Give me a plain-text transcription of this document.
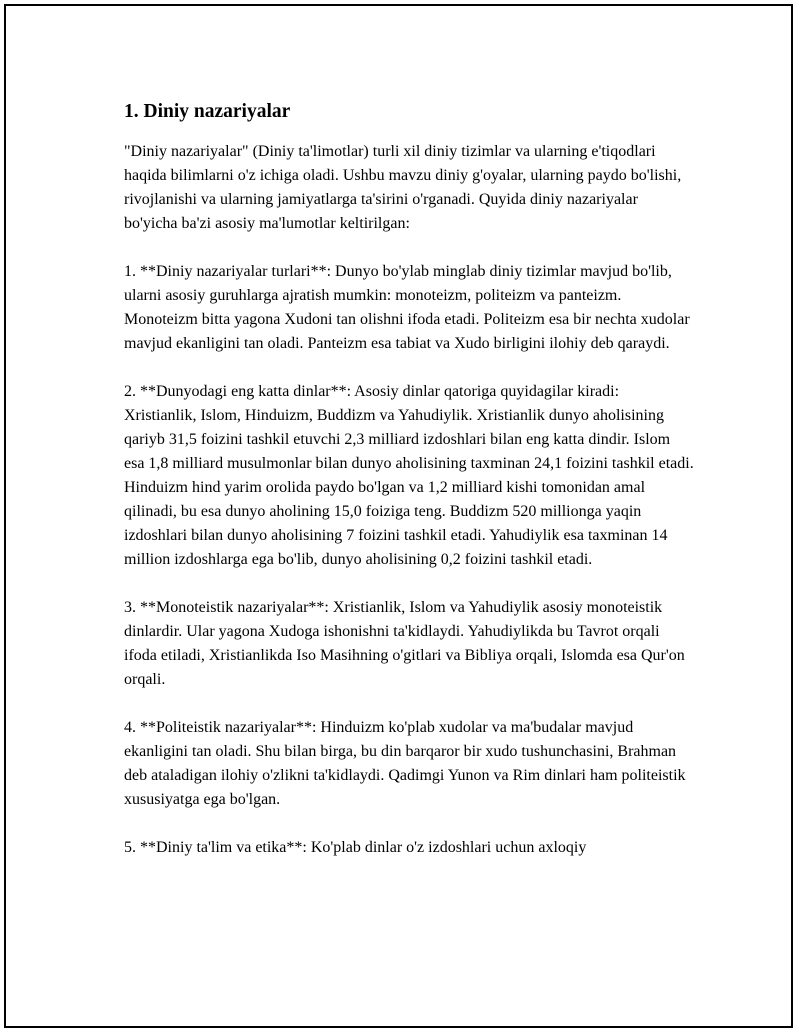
1. Diniy nazariyalar

"Diniy nazariyalar" (Diniy ta'limotlar) turli xil diniy tizimlar va ularning e'tiqodlari haqida bilimlarni o'z ichiga oladi. Ushbu mavzu diniy g'oyalar, ularning paydo bo'lishi, rivojlanishi va ularning jamiyatlarga ta'sirini o'rganadi. Quyida diniy nazariyalar bo'yicha ba'zi asosiy ma'lumotlar keltirilgan:

1. **Diniy nazariyalar turlari**: Dunyo bo'ylab minglab diniy tizimlar mavjud bo'lib, ularni asosiy guruhlarga ajratish mumkin: monoteizm, politeizm va panteizm. Monoteizm bitta yagona Xudoni tan olishni ifoda etadi. Politeizm esa bir nechta xudolar mavjud ekanligini tan oladi. Panteizm esa tabiat va Xudo birligini ilohiy deb qaraydi.

2. **Dunyodagi eng katta dinlar**: Asosiy dinlar qatoriga quyidagilar kiradi: Xristianlik, Islom, Hinduizm, Buddizm va Yahudiylik. Xristianlik dunyo aholisining qariyb 31,5 foizini tashkil etuvchi 2,3 milliard izdoshlari bilan eng katta dindir. Islom esa 1,8 milliard musulmonlar bilan dunyo aholisining taxminan 24,1 foizini tashkil etadi. Hinduizm hind yarim orolida paydo bo'lgan va 1,2 milliard kishi tomonidan amal qilinadi, bu esa dunyo aholining 15,0 foiziga teng. Buddizm 520 millionga yaqin izdoshlari bilan dunyo aholisining 7 foizini tashkil etadi. Yahudiylik esa taxminan 14 million izdoshlarga ega bo'lib, dunyo aholisining 0,2 foizini tashkil etadi.

3. **Monoteistik nazariyalar**: Xristianlik, Islom va Yahudiylik asosiy monoteistik dinlardir. Ular yagona Xudoga ishonishni ta'kidlaydi. Yahudiylikda bu Tavrot orqali ifoda etiladi, Xristianlikda Iso Masihning o'gitlari va Bibliya orqali, Islomda esa Qur'on orqali.

4. **Politeistik nazariyalar**: Hinduizm ko'plab xudolar va ma'budalar mavjud ekanligini tan oladi. Shu bilan birga, bu din barqaror bir xudo tushunchasini, Brahman deb ataladigan ilohiy o'zlikni ta'kidlaydi. Qadimgi Yunon va Rim dinlari ham politeistik xususiyatga ega bo'lgan.

5. **Diniy ta'lim va etika**: Ko'plab dinlar o'z izdoshlari uchun axloqiy
